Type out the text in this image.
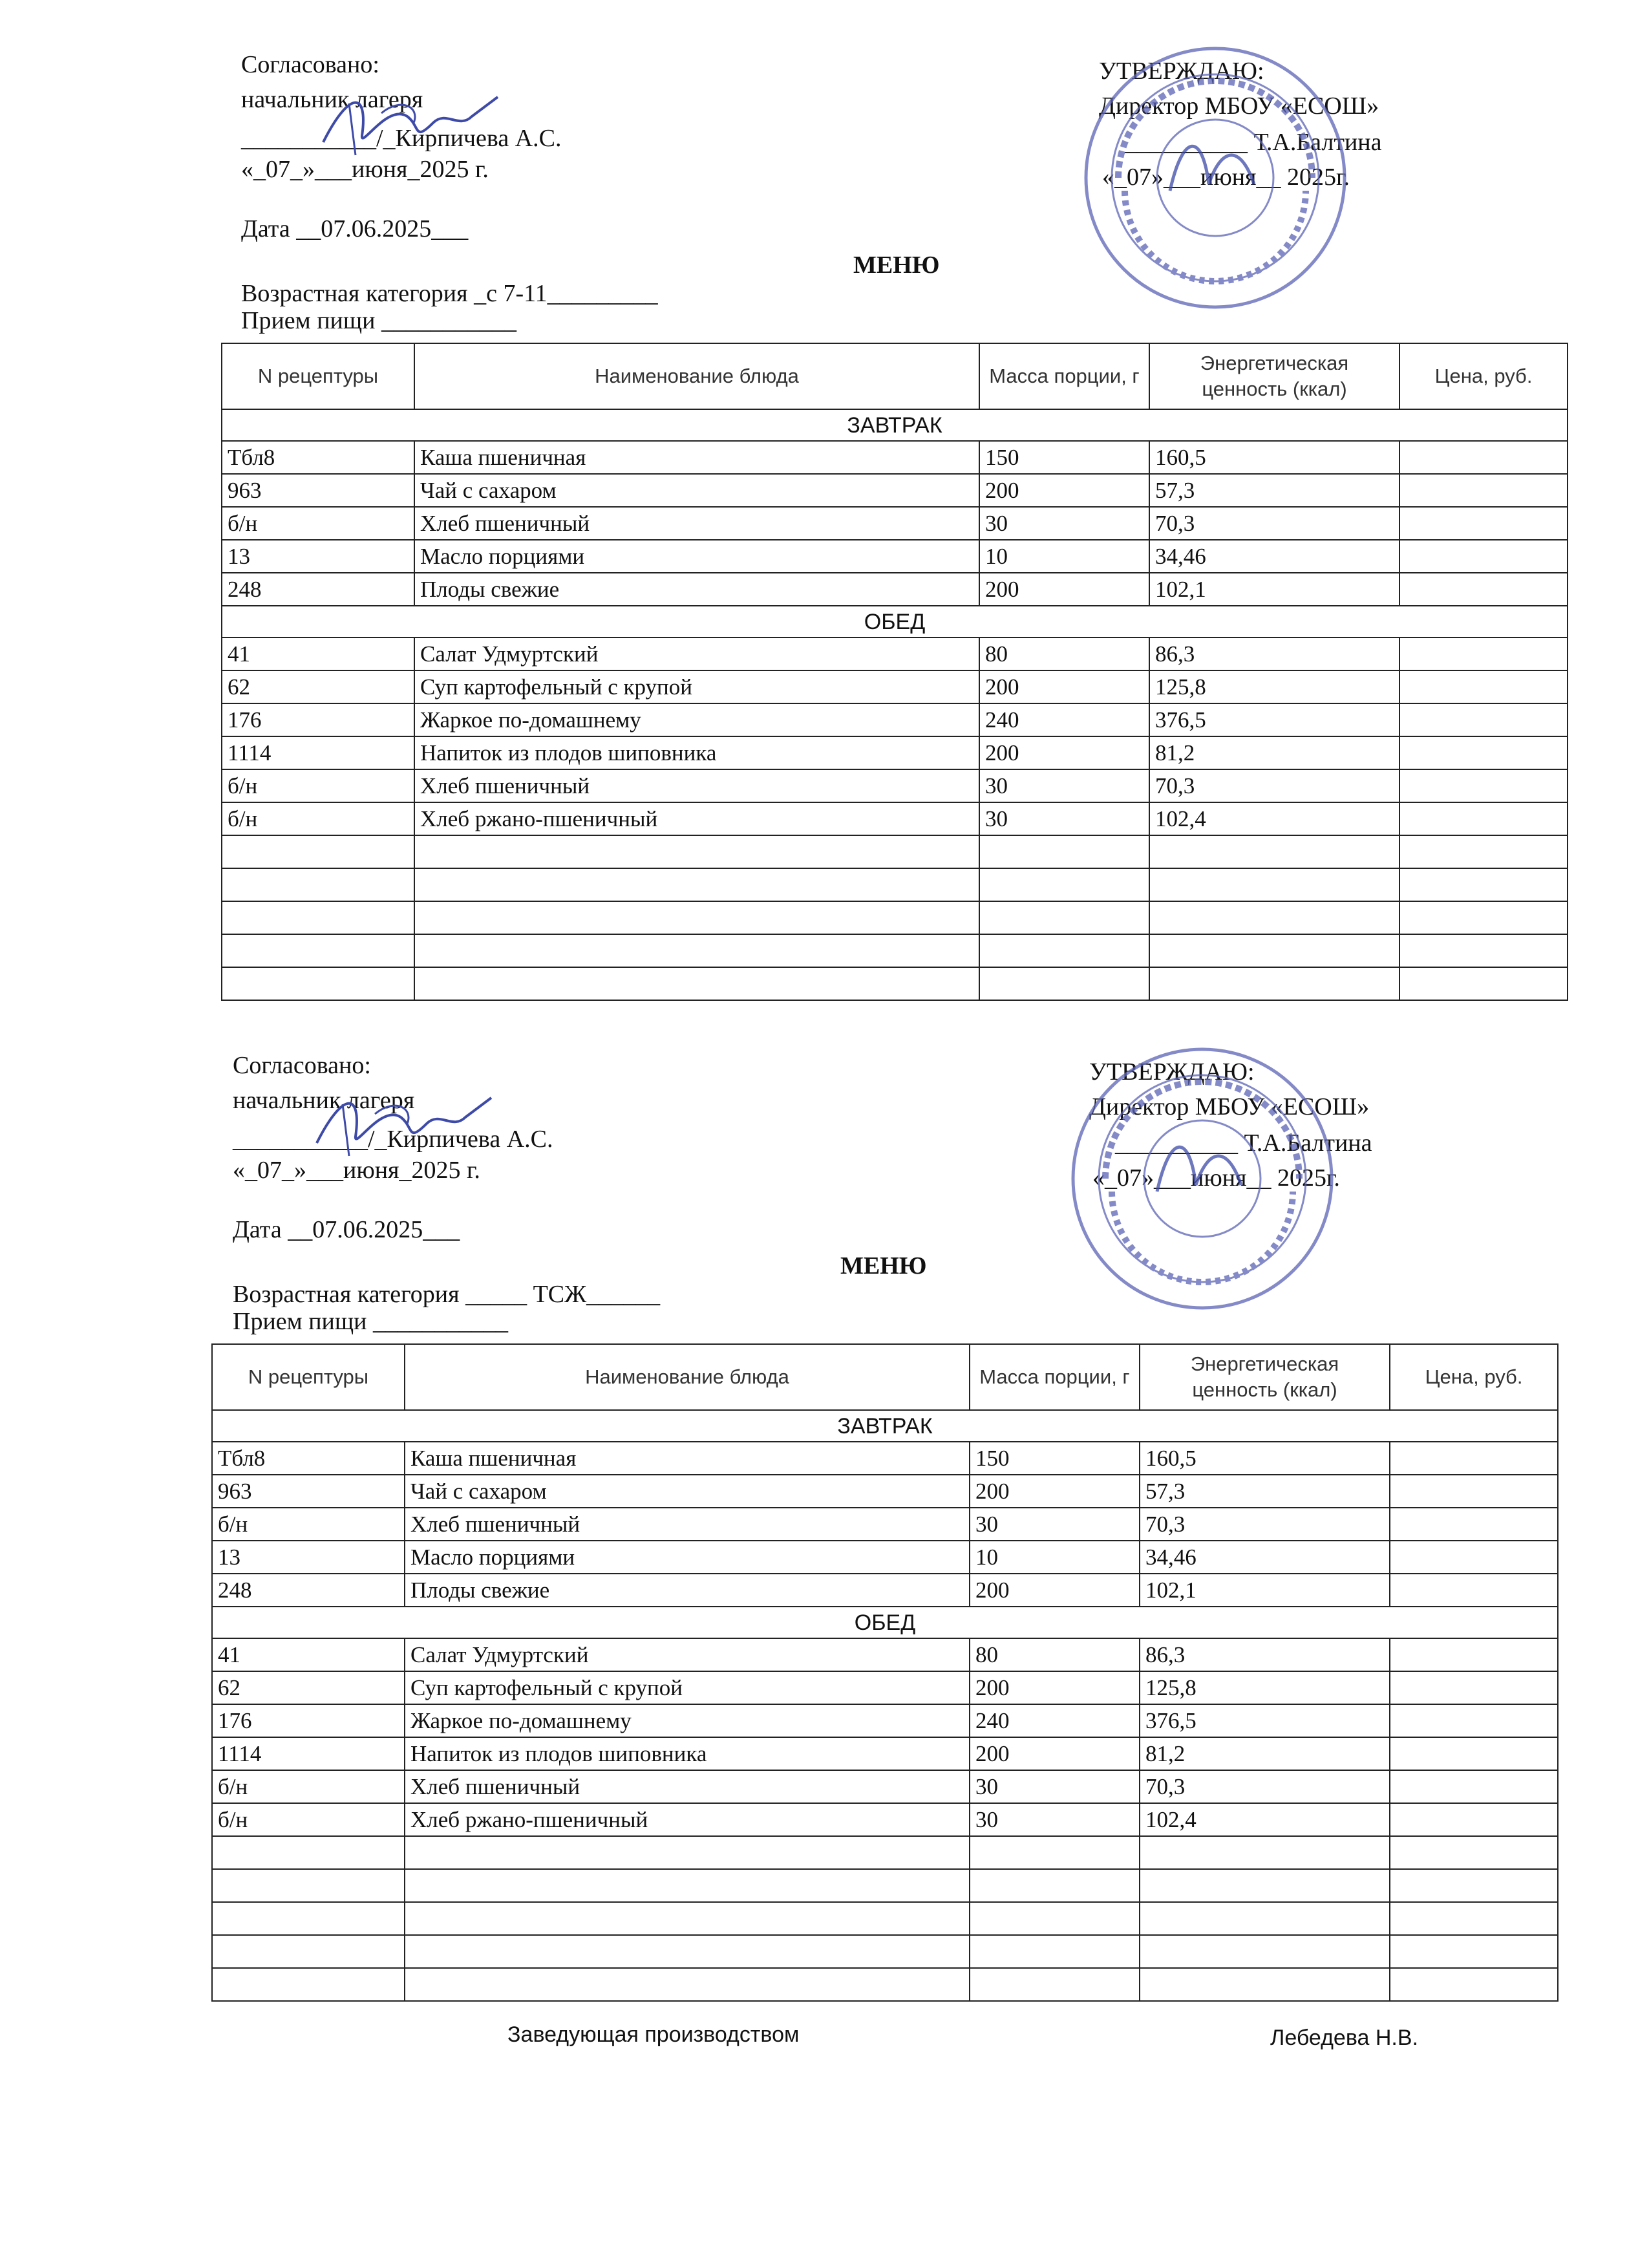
Согласовано:
начальник лагеря
___________/_Кирпичева А.С.
«_07_»___июня_2025 г.
УТВЕРЖДАЮ:
Директор МБОУ «ЕСОШ»
__________ Т.А.Балтина
«_07»___июня__ 2025г.
Дата __07.06.2025___
МЕНЮ
Возрастная категория _с 7-11_________
Прием пищи ___________
N рецептуры	Наименование блюда	Масса порции, г	Энергетическая ценность (ккал)	Цена, руб.
ЗАВТРАК				
Тбл8	Каша пшеничная	150	160,5	
963	Чай с сахаром	200	57,3	
б/н	Хлеб пшеничный	30	70,3	
13	Масло порциями	10	34,46	
248	Плоды свежие	200	102,1	
ОБЕД				
41	Салат Удмуртский	80	86,3	
62	Суп картофельный с крупой	200	125,8	
176	Жаркое по-домашнему	240	376,5	
1114	Напиток из плодов шиповника	200	81,2	
б/н	Хлеб пшеничный	30	70,3	
б/н	Хлеб ржано-пшеничный	30	102,4	

Согласовано:
начальник лагеря
___________/_Кирпичева А.С.
«_07_»___июня_2025 г.
УТВЕРЖДАЮ:
Директор МБОУ «ЕСОШ»
__________ Т.А.Балтина
«_07»___июня__ 2025г.
Дата __07.06.2025___
МЕНЮ
Возрастная категория _____ ТСЖ______
Прием пищи ___________
N рецептуры	Наименование блюда	Масса порции, г	Энергетическая ценность (ккал)	Цена, руб.
ЗАВТРАК				
Тбл8	Каша пшеничная	150	160,5	
963	Чай с сахаром	200	57,3	
б/н	Хлеб пшеничный	30	70,3	
13	Масло порциями	10	34,46	
248	Плоды свежие	200	102,1	
ОБЕД				
41	Салат Удмуртский	80	86,3	
62	Суп картофельный с крупой	200	125,8	
176	Жаркое по-домашнему	240	376,5	
1114	Напиток из плодов шиповника	200	81,2	
б/н	Хлеб пшеничный	30	70,3	
б/н	Хлеб ржано-пшеничный	30	102,4	

Заведующая производством	Лебедева Н.В.
